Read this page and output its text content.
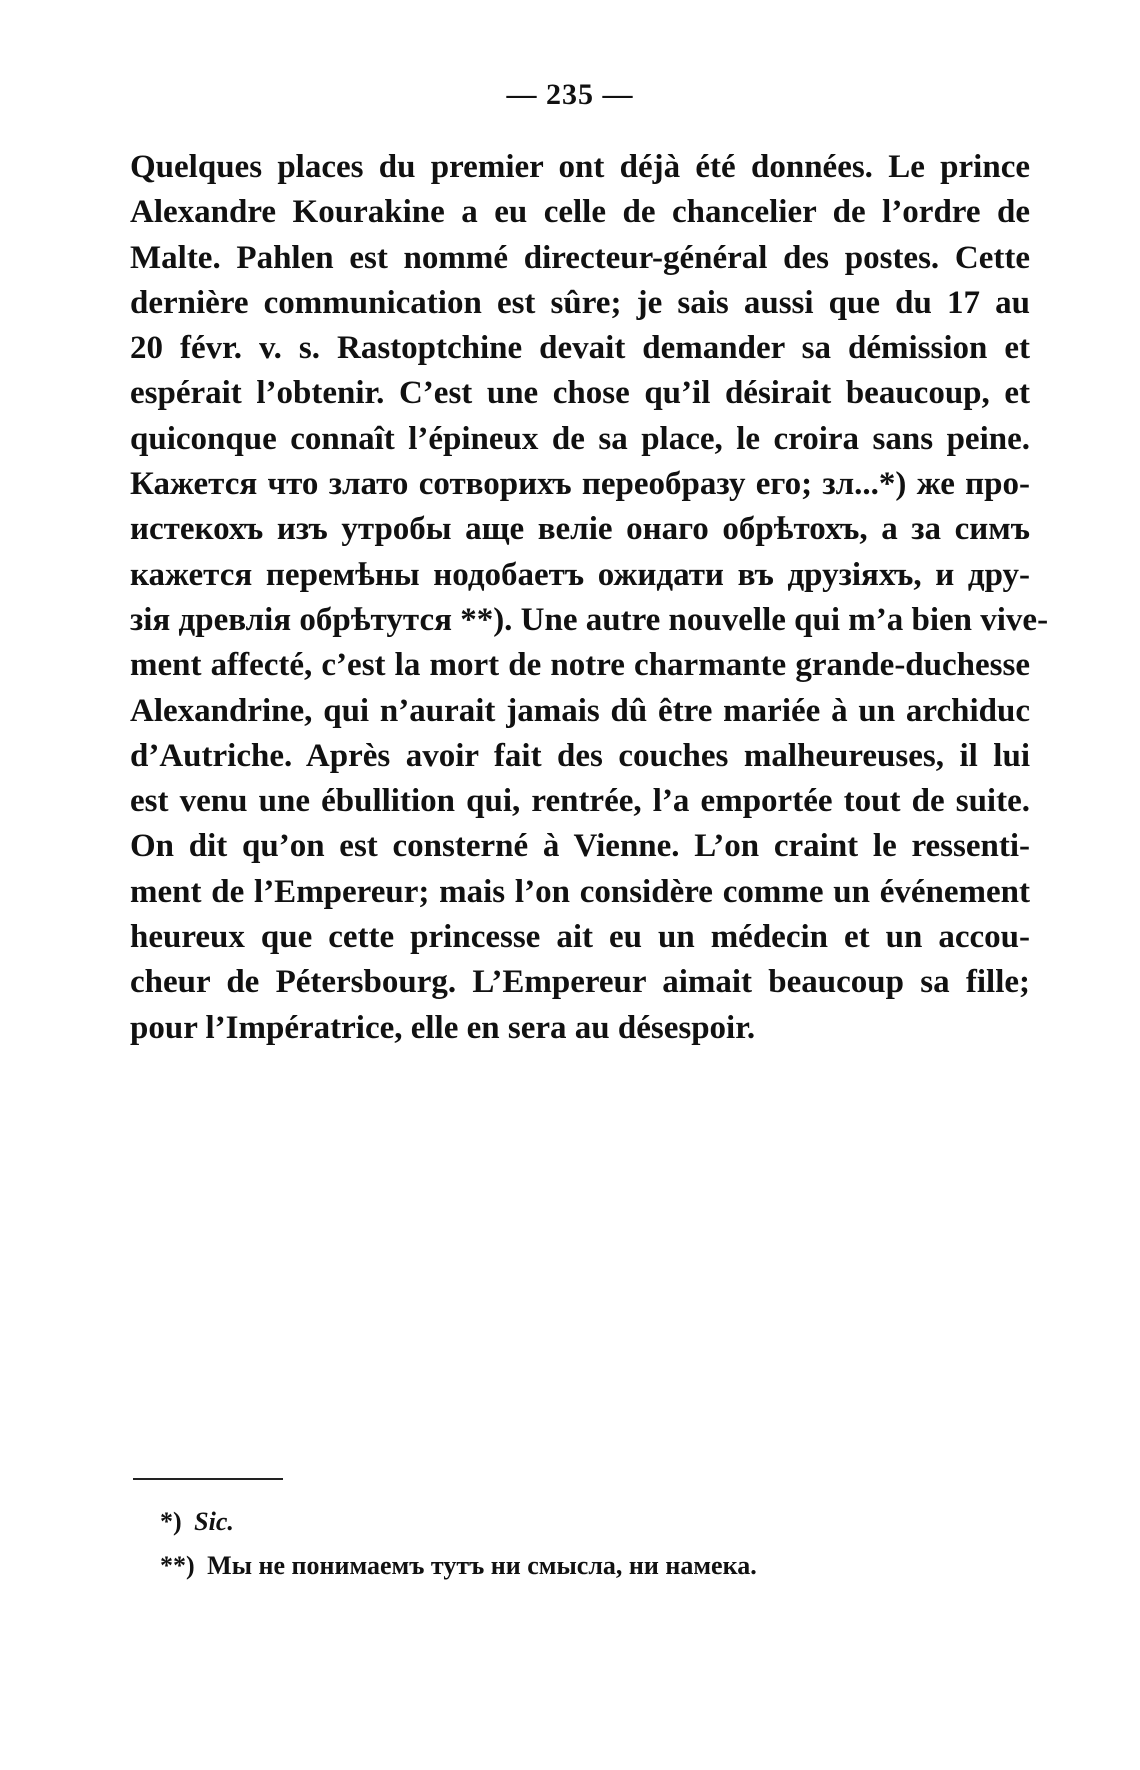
— 235 —
Quelques places du premier ont déjà été données. Le prince
Alexandre Kourakine a eu celle de chancelier de l’ordre de
Malte. Pahlen est nommé directeur-général des postes. Cette
dernière communication est sûre; je sais aussi que du 17 au
20 févr. v. s. Rastoptchine devait demander sa démission et
espérait l’obtenir. C’est une chose qu’il désirait beaucoup, et
quiconque connaît l’épineux de sa place, le croira sans peine.
Кажется что злато сотворихъ переобразу его; зл...*) же про-
истекохъ изъ утробы аще велiе онаго обрѣтохъ, а за симъ
кажется перемѣны нодобаетъ ожидати въ друзiяхъ, и дру-
зiя древлiя обрѣтутся **). Une autre nouvelle qui m’a bien vive-
ment affecté, c’est la mort de notre charmante grande-duchesse
Alexandrine, qui n’aurait jamais dû être mariée à un archiduc
d’Autriche. Après avoir fait des couches malheureuses, il lui
est venu une ébullition qui, rentrée, l’a emportée tout de suite.
On dit qu’on est consterné à Vienne. L’on craint le ressenti-
ment de l’Empereur; mais l’on considère comme un événement
heureux que cette princesse ait eu un médecin et un accou-
cheur de Pétersbourg. L’Empereur aimait beaucoup sa fille;
pour l’Impératrice, elle en sera au désespoir.
*) Sic.
**) Мы не понимаемъ тутъ ни смысла, ни намека.
